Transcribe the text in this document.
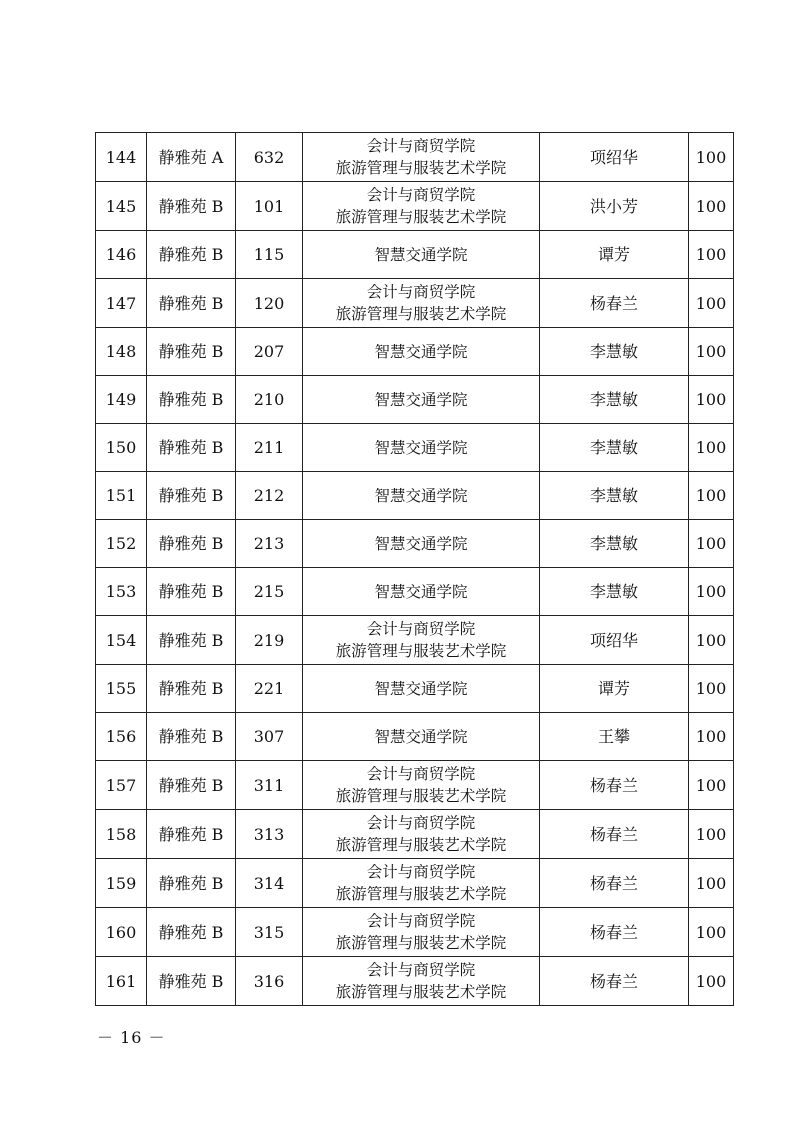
144	静雅苑 A	632	会计与商贸学院
旅游管理与服装艺术学院	项绍华	100
145	静雅苑 B	101	会计与商贸学院
旅游管理与服装艺术学院	洪小芳	100
146	静雅苑 B	115	智慧交通学院	谭芳	100
147	静雅苑 B	120	会计与商贸学院
旅游管理与服装艺术学院	杨春兰	100
148	静雅苑 B	207	智慧交通学院	李慧敏	100
149	静雅苑 B	210	智慧交通学院	李慧敏	100
150	静雅苑 B	211	智慧交通学院	李慧敏	100
151	静雅苑 B	212	智慧交通学院	李慧敏	100
152	静雅苑 B	213	智慧交通学院	李慧敏	100
153	静雅苑 B	215	智慧交通学院	李慧敏	100
154	静雅苑 B	219	会计与商贸学院
旅游管理与服装艺术学院	项绍华	100
155	静雅苑 B	221	智慧交通学院	谭芳	100
156	静雅苑 B	307	智慧交通学院	王攀	100
157	静雅苑 B	311	会计与商贸学院
旅游管理与服装艺术学院	杨春兰	100
158	静雅苑 B	313	会计与商贸学院
旅游管理与服装艺术学院	杨春兰	100
159	静雅苑 B	314	会计与商贸学院
旅游管理与服装艺术学院	杨春兰	100
160	静雅苑 B	315	会计与商贸学院
旅游管理与服装艺术学院	杨春兰	100
161	静雅苑 B	316	会计与商贸学院
旅游管理与服装艺术学院	杨春兰	100
－ 16 －
